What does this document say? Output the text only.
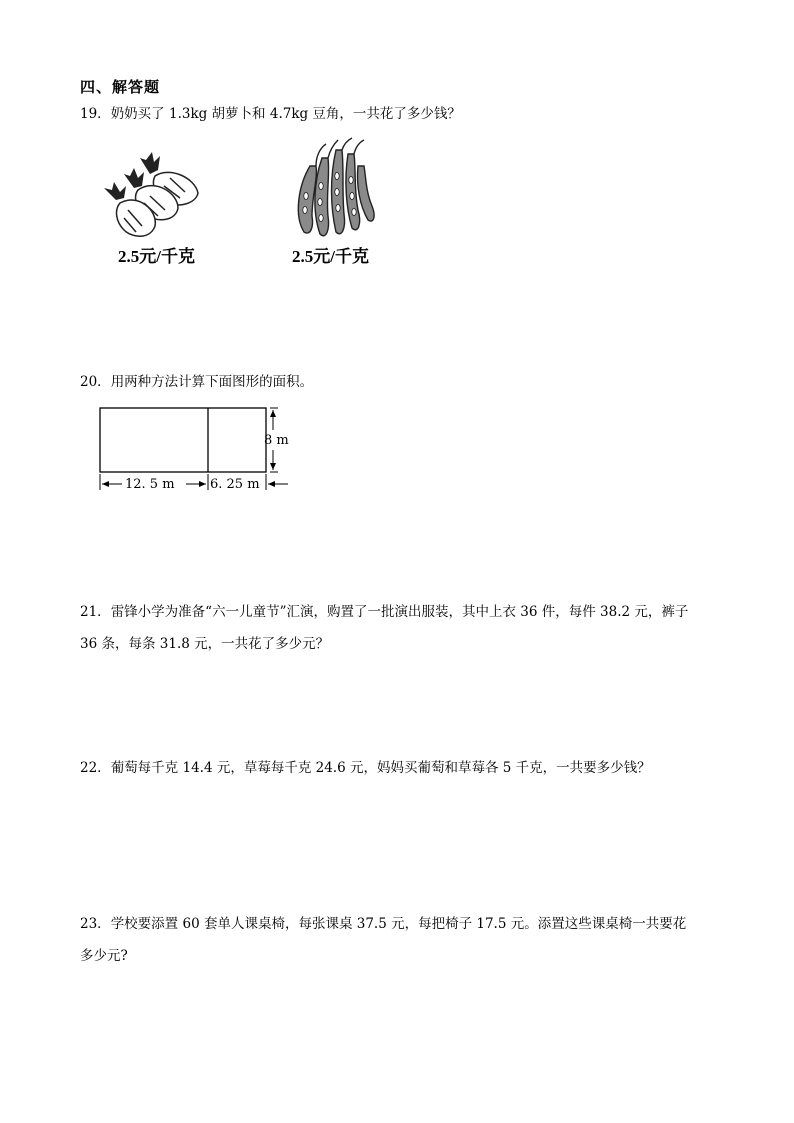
四、解答题
19．奶奶买了 1.3kg 胡萝卜和 4.7kg 豆角，一共花了多少钱？
2.5元/千克	2.5元/千克
20．用两种方法计算下面图形的面积。
8 m
12. 5 m	6. 25 m
21．雷锋小学为准备“六一儿童节”汇演，购置了一批演出服装，其中上衣 36 件，每件 38.2 元，裤子
36 条，每条 31.8 元，一共花了多少元？
22．葡萄每千克 14.4 元，草莓每千克 24.6 元，妈妈买葡萄和草莓各 5 千克，一共要多少钱？
23．学校要添置 60 套单人课桌椅，每张课桌 37.5 元，每把椅子 17.5 元。添置这些课桌椅一共要花
多少元?
